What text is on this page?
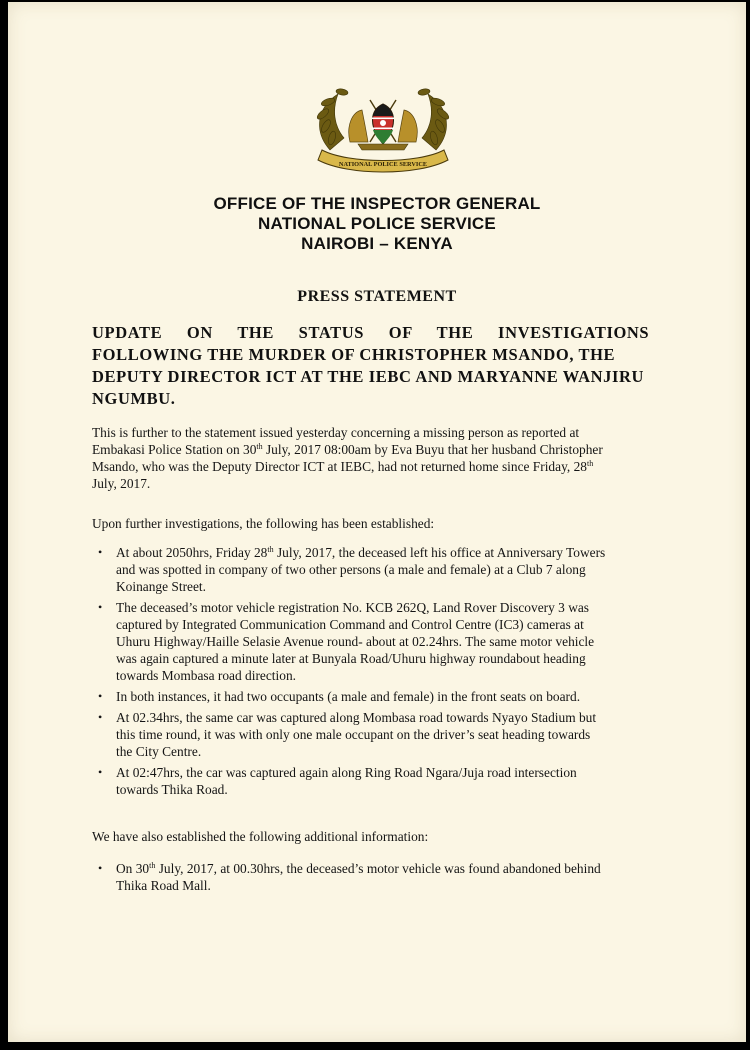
NATIONAL POLICE SERVICE
OFFICE OF THE INSPECTOR GENERAL
NATIONAL POLICE SERVICE
NAIROBI – KENYA
PRESS STATEMENT
UPDATE ON THE STATUS OF THE INVESTIGATIONS
FOLLOWING THE MURDER OF CHRISTOPHER MSANDO, THE
DEPUTY DIRECTOR ICT AT THE IEBC AND MARYANNE WANJIRU
NGUMBU.
This is further to the statement issued yesterday concerning a missing person as reported at
Embakasi Police Station on 30th July, 2017 08:00am by Eva Buyu that her husband Christopher
Msando, who was the Deputy Director ICT at IEBC, had not returned home since Friday, 28th
July, 2017.
Upon further investigations, the following has been established:
• At about 2050hrs, Friday 28th July, 2017, the deceased left his office at Anniversary Towers
and was spotted in company of two other persons (a male and female) at a Club 7 along
Koinange Street.
• The deceased’s motor vehicle registration No. KCB 262Q, Land Rover Discovery 3 was
captured by Integrated Communication Command and Control Centre (IC3) cameras at
Uhuru Highway/Haille Selasie Avenue round- about at 02.24hrs. The same motor vehicle
was again captured a minute later at Bunyala Road/Uhuru highway roundabout heading
towards Mombasa road direction.
• In both instances, it had two occupants (a male and female) in the front seats on board.
• At 02.34hrs, the same car was captured along Mombasa road towards Nyayo Stadium but
this time round, it was with only one male occupant on the driver’s seat heading towards
the City Centre.
• At 02:47hrs, the car was captured again along Ring Road Ngara/Juja road intersection
towards Thika Road.
We have also established the following additional information:
• On 30th July, 2017, at 00.30hrs, the deceased’s motor vehicle was found abandoned behind
Thika Road Mall.
